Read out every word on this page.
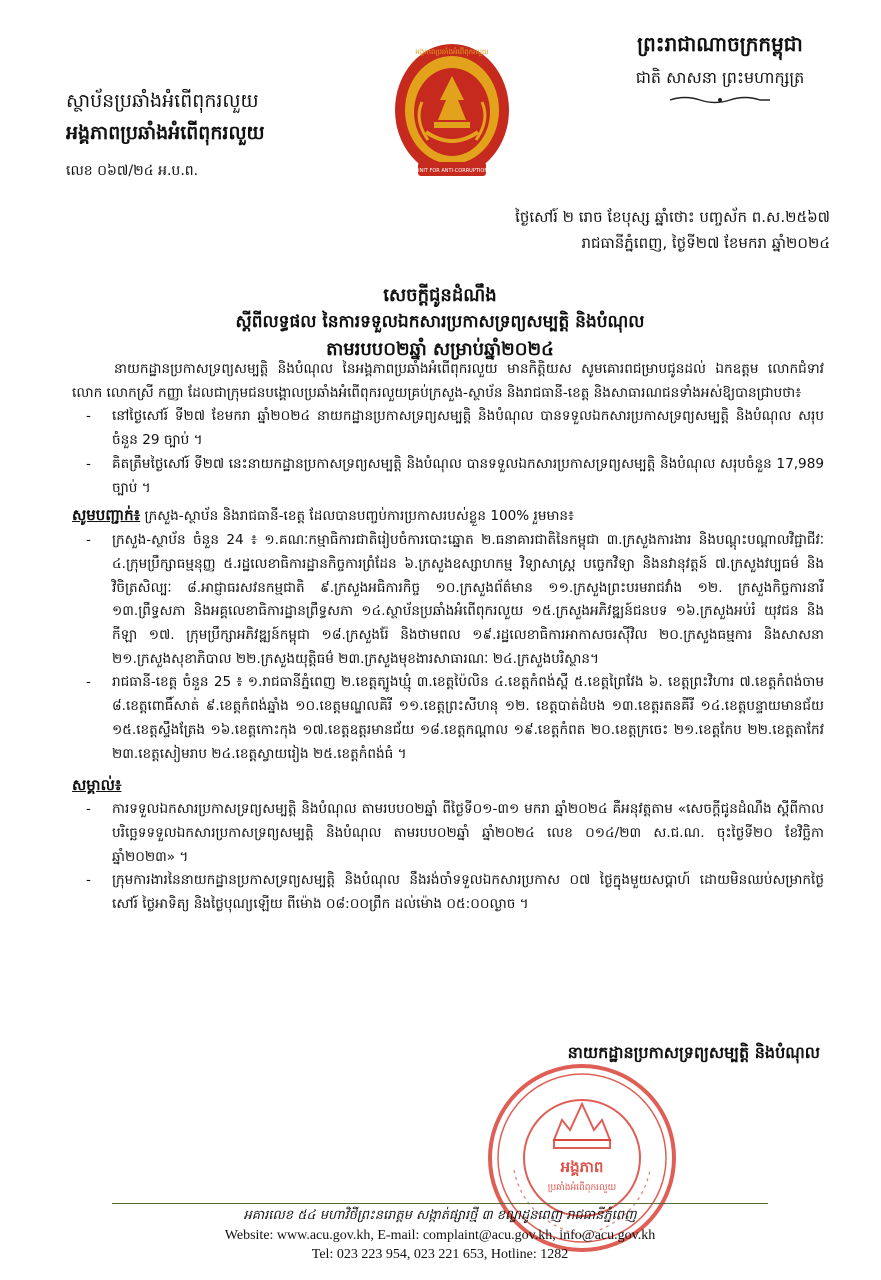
ស្ថាប័នប្រឆាំងអំពើពុករលួយ
អង្គភាពប្រឆាំងអំពើពុករលួយ
លេខ ០៦៧/២៤ អ.ប.ព.
អង្គភាពប្រឆាំងអំពើពុករលួយ
UNIT FOR ANTI-CORRUPTION
ព្រះរាជាណាចក្រកម្ពុជា
ជាតិ សាសនា ព្រះមហាក្សត្រ
ថ្ងៃសៅរ៍ ២ រោច ខែបុស្ស ឆ្នាំថោះ បញ្ចស័ក ព.ស.២៥៦៧
រាជធានីភ្នំពេញ, ថ្ងៃទី២៧ ខែមករា ឆ្នាំ២០២៤
សេចក្តីជូនដំណឹង
ស្តីពីលទ្ធផល នៃការទទួលឯកសារប្រកាសទ្រព្យសម្បត្តិ និងបំណុល
តាមរបប០២ឆ្នាំ សម្រាប់ឆ្នាំ២០២៤

នាយកដ្ឋានប្រកាសទ្រព្យសម្បត្តិ និងបំណុល នៃអង្គភាពប្រឆាំងអំពើពុករលួយ មានកិត្តិយស សូមគោរពជម្រាបជូនដល់ ឯកឧត្តម លោកជំទាវ លោក លោកស្រី កញ្ញា ដែលជាក្រុមជនបង្គោលប្រឆាំងអំពើពុករលួយគ្រប់ក្រសួង-ស្ថាប័ន និងរាជធានី-ខេត្ត និងសាធារណជនទាំងអស់ឱ្យបានជ្រាបថា៖

- នៅថ្ងៃសៅរ៍ ទី២៧ ខែមករា ឆ្នាំ២០២៤ នាយកដ្ឋានប្រកាសទ្រព្យសម្បត្តិ និងបំណុល បានទទួលឯកសារប្រកាសទ្រព្យសម្បត្តិ និងបំណុល សរុបចំនួន 29 ច្បាប់ ។
- គិតត្រឹមថ្ងៃសៅរ៍ ទី២៧ នេះនាយកដ្ឋានប្រកាសទ្រព្យសម្បត្តិ និងបំណុល បានទទួលឯកសារប្រកាសទ្រព្យសម្បត្តិ និងបំណុល សរុបចំនួន 17,989 ច្បាប់ ។
សូមបញ្ជាក់៖ ក្រសួង-ស្ថាប័ន និងរាជធានី-ខេត្ត ដែលបានបញ្ចប់ការប្រកាសរបស់ខ្លួន 100% រួមមាន៖
- ក្រសួង-ស្ថាប័ន ចំនួន 24 ៖ ១.គណៈកម្មាធិការជាតិរៀបចំការបោះឆ្នោត ២.ធនាគារជាតិនៃកម្ពុជា ៣.ក្រសួងការងារ និងបណ្តុះបណ្តាលវិជ្ជាជីវៈ ៤.ក្រុមប្រឹក្សាធម្មនុញ្ញ ៥.រដ្ឋលេខាធិការដ្ឋានកិច្ចការព្រំដែន ៦.ក្រសួងឧស្សាហកម្ម វិទ្យាសាស្ត្រ បច្ចេកវិទ្យា និងនវានុវត្តន៍ ៧.ក្រសួងវប្បធម៌ និងវិចិត្រសិល្បៈ ៨.អាជ្ញាធរសវនកម្មជាតិ ៩.ក្រសួងអធិការកិច្ច ១០.ក្រសួងព័ត៌មាន ១១.ក្រសួងព្រះបរមរាជវាំង ១២. ក្រសួងកិច្ចការនារី ១៣.ព្រឹទ្ធសភា និងអគ្គលេខាធិការដ្ឋានព្រឹទ្ធសភា ១៤.ស្ថាប័នប្រឆាំងអំពើពុករលួយ ១៥.ក្រសួងអភិវឌ្ឍន៍ជនបទ ១៦.ក្រសួងអប់រំ យុវជន និងកីឡា ១៧. ក្រុមប្រឹក្សាអភិវឌ្ឍន៍កម្ពុជា ១៨.ក្រសួងរ៉ែ និងថាមពល ១៩.រដ្ឋលេខាធិការអាកាសចរស៊ីវិល ២០.ក្រសួងធម្មការ និងសាសនា ២១.ក្រសួងសុខាភិបាល ២២.ក្រសួងយុត្តិធម៌ ២៣.ក្រសួងមុខងារសាធារណៈ ២៤.ក្រសួងបរិស្ថាន។
- រាជធានី-ខេត្ត ចំនួន 25 ៖ ១.រាជធានីភ្នំពេញ ២.ខេត្តត្បូងឃ្មុំ ៣.ខេត្តប៉ៃលិន ៤.ខេត្តកំពង់ស្ពឺ ៥.ខេត្តព្រៃវែង ៦. ខេត្តព្រះវិហារ ៧.ខេត្តកំពង់ចាម ៨.ខេត្តពោធិ៍សាត់ ៩.ខេត្តកំពង់ឆ្នាំង ១០.ខេត្តមណ្ឌលគិរី ១១.ខេត្តព្រះសីហនុ ១២. ខេត្តបាត់ដំបង ១៣.ខេត្តរតនគីរី ១៤.ខេត្តបន្ទាយមានជ័យ ១៥.ខេត្តស្ទឹងត្រែង ១៦.ខេត្តកោះកុង ១៧.ខេត្តឧត្តរមានជ័យ ១៨.ខេត្តកណ្តាល ១៩.ខេត្តកំពត ២០.ខេត្តក្រចេះ ២១.ខេត្តកែប ២២.ខេត្តតាកែវ ២៣.ខេត្តសៀមរាប ២៤.ខេត្តស្វាយរៀង ២៥.ខេត្តកំពង់ធំ ។
សម្គាល់៖
- ការទទួលឯកសារប្រកាសទ្រព្យសម្បត្តិ និងបំណុល តាមរបប០២ឆ្នាំ ពីថ្ងៃទី០១-៣១ មករា ឆ្នាំ២០២៤ គឺអនុវត្តតាម «សេចក្តីជូនដំណឹង ស្តីពីកាលបរិច្ឆេទទទួលឯកសារប្រកាសទ្រព្យសម្បត្តិ និងបំណុល តាមរបប០២ឆ្នាំ ឆ្នាំ២០២៤ លេខ ០១៤/២៣ ស.ជ.ណ. ចុះថ្ងៃទី២០ ខែវិច្ឆិកា ឆ្នាំ២០២៣» ។
- ក្រុមការងារនៃនាយកដ្ឋានប្រកាសទ្រព្យសម្បត្តិ និងបំណុល នឹងរង់ចាំទទួលឯកសារប្រកាស ០៧ ថ្ងៃក្នុងមួយសប្តាហ៍ ដោយមិនឈប់សម្រាកថ្ងៃសៅរ៍ ថ្ងៃអាទិត្យ និងថ្ងៃបុណ្យឡើយ ពីម៉ោង ០៨:០០ព្រឹក ដល់ម៉ោង ០៥:០០ល្ងាច ។
នាយកដ្ឋានប្រកាសទ្រព្យសម្បត្តិ និងបំណុល
អង្គភាព
ប្រឆាំងអំពើពុករលួយ
អគារលេខ ៥៤ មហាវិថីព្រះនរោត្តម សង្កាត់ផ្សារថ្មី ៣ ខណ្ឌដូនពេញ រាជធានីភ្នំពេញ
Website: www.acu.gov.kh, E-mail: complaint@acu.gov.kh, info@acu.gov.kh
Tel: 023 223 954, 023 221 653, Hotline: 1282
